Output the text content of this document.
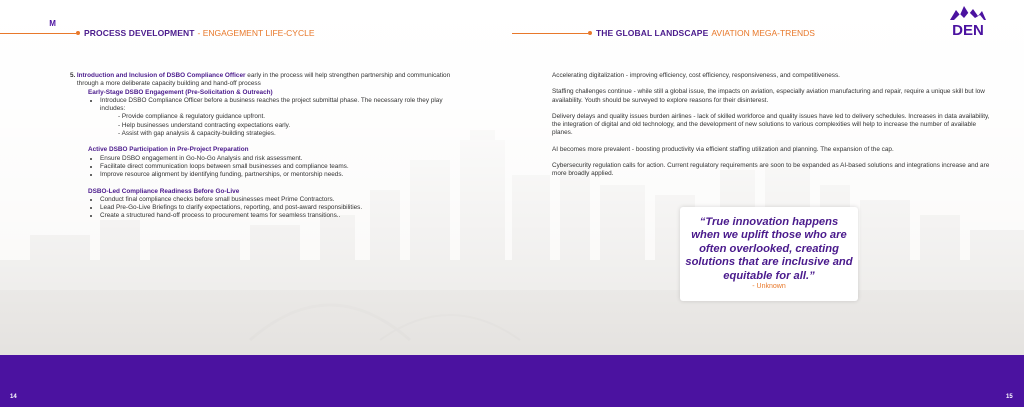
PROCESS DEVELOPMENT - ENGAGEMENT LIFE-CYCLE	THE GLOBAL LANDSCAPE AVIATION MEGA-TRENDS	DEN
5. Introduction and Inclusion of DSBO Compliance Officer early in the process will help strengthen partnership and communication through a more deliberate capacity building and hand-off process

Early-Stage DSBO Engagement (Pre-Solicitation & Outreach)
• Introduce DSBO Compliance Officer before a business reaches the project submittal phase. The necessary role they play includes:
- Provide compliance & regulatory guidance upfront.
- Help businesses understand contracting expectations early.
- Assist with gap analysis & capacity-building strategies.
Active DSBO Participation in Pre-Project Preparation
• Ensure DSBO engagement in Go-No-Go Analysis and risk assessment.
• Facilitate direct communication loops between small businesses and compliance teams.
• Improve resource alignment by identifying funding, partnerships, or mentorship needs.
DSBO-Led Compliance Readiness Before Go-Live
• Conduct final compliance checks before small businesses meet Prime Contractors.
• Lead Pre-Go-Live Briefings to clarify expectations, reporting, and post-award responsibilities.
• Create a structured hand-off process to procurement teams for seamless transitions..

Accelerating digitalization - improving efficiency, cost efficiency, responsiveness, and competitiveness.

Staffing challenges continue - while still a global issue, the impacts on aviation, especially aviation manufacturing and repair, require a unique skill but low availability. Youth should be surveyed to explore reasons for their disinterest.

Delivery delays and quality issues burden airlines - lack of skilled workforce and quality issues have led to delivery schedules. Increases in data availability, the integration of digital and old technology, and the development of new solutions to various complexities will help to increase the number of available planes.

AI becomes more prevalent - boosting productivity via efficient staffing utilization and planning. The expansion of the cap.

Cybersecurity regulation calls for action. Current regulatory requirements are soon to be expanded as AI-based solutions and integrations increase and are more broadly applied.

“True innovation happens when we uplift those who are often overlooked, creating solutions that are inclusive and equitable for all.”
- Unknown
powered by M maxximpactgroup
14	15
